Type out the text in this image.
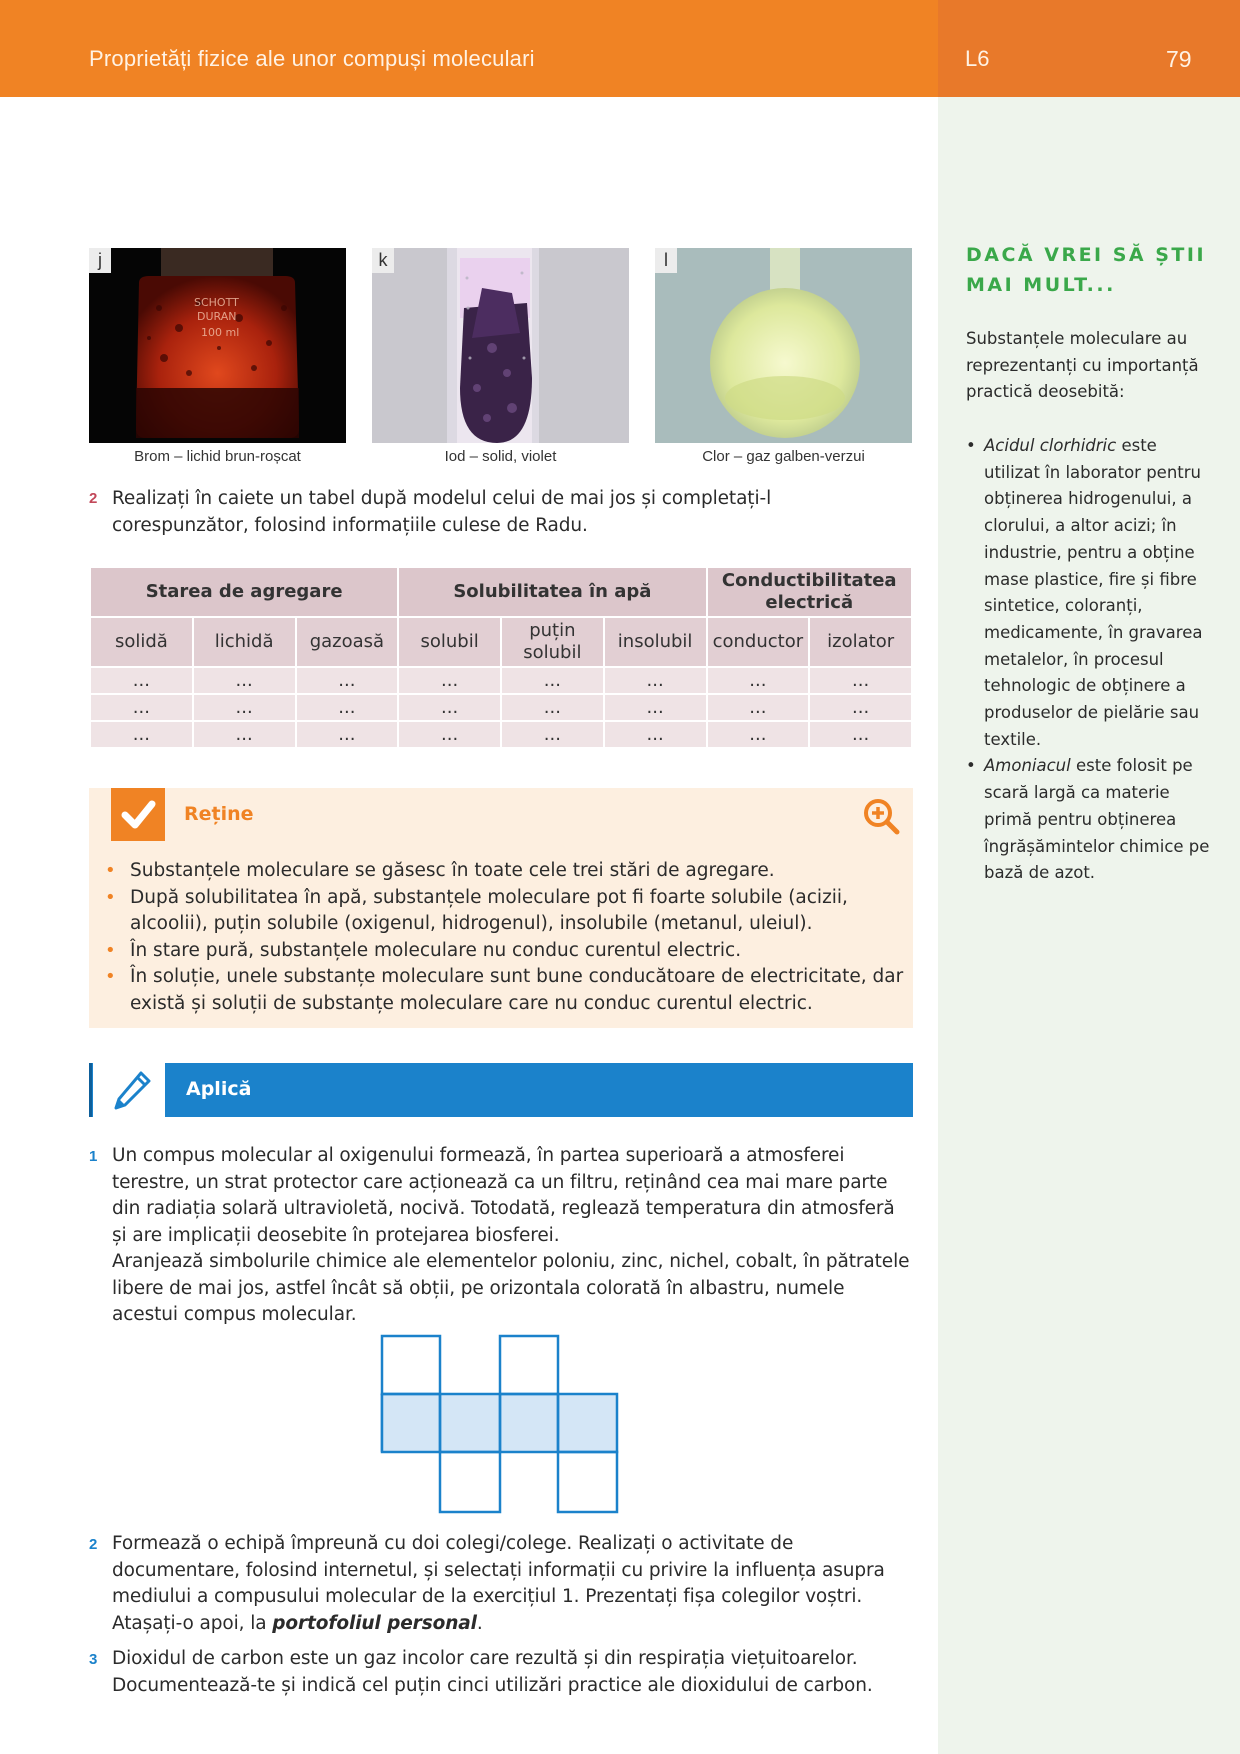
Proprietăți fizice ale unor compuși moleculari	L6	79
SCHOTT
DURAN
100 ml
j	k	l
Brom – lichid brun-roșcat	Iod – solid, violet	Clor – gaz galben-verzui
2 Realizați în caiete un tabel după modelul celui de mai jos și completați-l corespunzător, folosind informațiile culese de Radu.
Starea de agregare			Solubilitatea în apă			Conductibilitatea electrică	
solidă	lichidă	gazoasă	solubil	puțin solubil	insolubil	conductor	izolator
...	...	...	...	...	...	...	...
...	...	...	...	...	...	...	...
...	...	...	...	...	...	...	...
Reține
• Substanțele moleculare se găsesc în toate cele trei stări de agregare.
• După solubilitatea în apă, substanțele moleculare pot fi foarte solubile (acizii, alcoolii), puțin solubile (oxigenul, hidrogenul), insolubile (metanul, uleiul).
• În stare pură, substanțele moleculare nu conduc curentul electric.
• În soluție, unele substanțe moleculare sunt bune conducătoare de electricitate, dar există și soluții de substanțe moleculare care nu conduc curentul electric.
Aplică
1 Un compus molecular al oxigenului formează, în partea superioară a atmosferei terestre, un strat protector care acționează ca un filtru, reținând cea mai mare parte din radiația solară ultravioletă, nocivă. Totodată, reglează temperatura din atmosferă și are implicații deosebite în protejarea biosferei.
Aranjează simbolurile chimice ale elementelor poloniu, zinc, nichel, cobalt, în pătratele libere de mai jos, astfel încât să obții, pe orizontala colorată în albastru, numele acestui compus molecular.
2 Formează o echipă împreună cu doi colegi/colege. Realizați o activitate de documentare, folosind internetul, și selectați informații cu privire la influența asupra mediului a compusului molecular de la exercițiul 1. Prezentați fișa colegilor voștri. Atașați-o apoi, la portofoliul personal.
3 Dioxidul de carbon este un gaz incolor care rezultă și din respirația viețuitoarelor. Documentează-te și indică cel puțin cinci utilizări practice ale dioxidului de carbon.
DACĂ VREI SĂ ȘTII MAI MULT...
Substanțele moleculare au reprezentanți cu importanță practică deosebită:
• Acidul clorhidric este utilizat în laborator pentru obținerea hidrogenului, a clorului, a altor acizi; în industrie, pentru a obține mase plastice, fire și fibre sintetice, coloranți, medicamente, în gravarea metalelor, în procesul tehnologic de obținere a produselor de pielărie sau textile.
• Amoniacul este folosit pe scară largă ca materie primă pentru obținerea îngrășămintelor chimice pe bază de azot.
